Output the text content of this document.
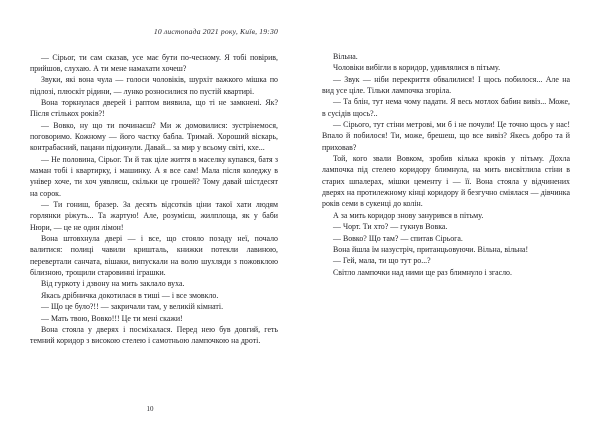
10 листопада 2021 року, Київ, 19:30

— Сірьог, ти сам сказав, усе має бути по-чесному. Я тобі повірив, прийшов, слухаю. А ти мене намахати хочеш?

Звуки, які вона чула — голоси чоловіків, шурхіт важкого мішка по підлозі, плюскіт рідини, — лунко розносилися по пустій квартирі.

Вона торкнулася дверей і раптом виявила, що ті не замкнені. Як? Після стількох років?!

— Вовко, ну що ти починаєш? Ми ж домовилися: зустрінемося, поговоримо. Кожному — його частку бабла. Тримай. Хороший віскарь, контрабасний, пацани підкинули. Давай... за мир у всьому світі, кхе...

— Не половина, Сірьог. Ти й так ціле життя в маселку купався, батя з маман тобі і квартирку, і машинку. А я все сам! Мала після коледжу в універ хоче, ти хоч уявляєш, скільки це грошей? Тому давай шістдесят на сорок.

— Ти гониш, бразер. За десять відсотків ціни такої хати людям горлянки ріжуть... Та жартую! Але, розумієш, жилплоща, як у баби Нюри, — це не один лімон!

Вона штовхнула двері — і все, що стояло позаду неї, почало валитися: полиці чавили кришталь, книжки потекли лавиною, перевертали санчата, вішаки, випускали на волю шухляди з пожовклою білизною, трощили старовинні іграшки.

Від гуркоту і дзвону на мить заклало вуха.

Якась дрібничка докотилася в тиші — і все змовкло.

— Що це було?!! — закричали там, у великій кімнаті.

— Мать твою, Вовко!!! Це ти мені скажи!

Вона стояла у дверях і посміхалася. Перед нею був довгий, геть темний коридор з високою стелею і самотньою лампочкою на дроті.

10

Вільна.

Чоловіки вибігли в коридор, удивлялися в пітьму.

— Звук — ніби перекриття обвалилися! І щось побилося... Але на вид усе ціле. Тільки лампочка згоріла.

— Та блін, тут нема чому падати. Я весь мотлох бабин вивіз... Може, в сусідів щось?..

— Сірього, тут стіни метрові, ми б і не почули! Це точно щось у нас! Впало й побилося! Ти, може, брешеш, що все вивіз? Якесь добро та й приховав?

Той, кого звали Вовком, зробив кілька кроків у пітьму. Дохла лампочка під стелею коридору блимнула, на мить висвітлила стіни в старих шпалерах, мішки цементу і — її. Вона стояла у відчинених дверях на протилежному кінці коридору й безгучно сміялася — дівчинка років семи в сукенці до колін.

А за мить коридор знову занурився в пітьму.

— Чорт. Ти хто? — гукнув Вовка.

— Вовко? Що там? — спитав Сірьога.

Вона йшла їм назустріч, пританцьовуючи. Вільна, вільна!

— Гей, мала, ти що тут ро...?

Світло лампочки над ними ще раз блимнуло і згасло.
